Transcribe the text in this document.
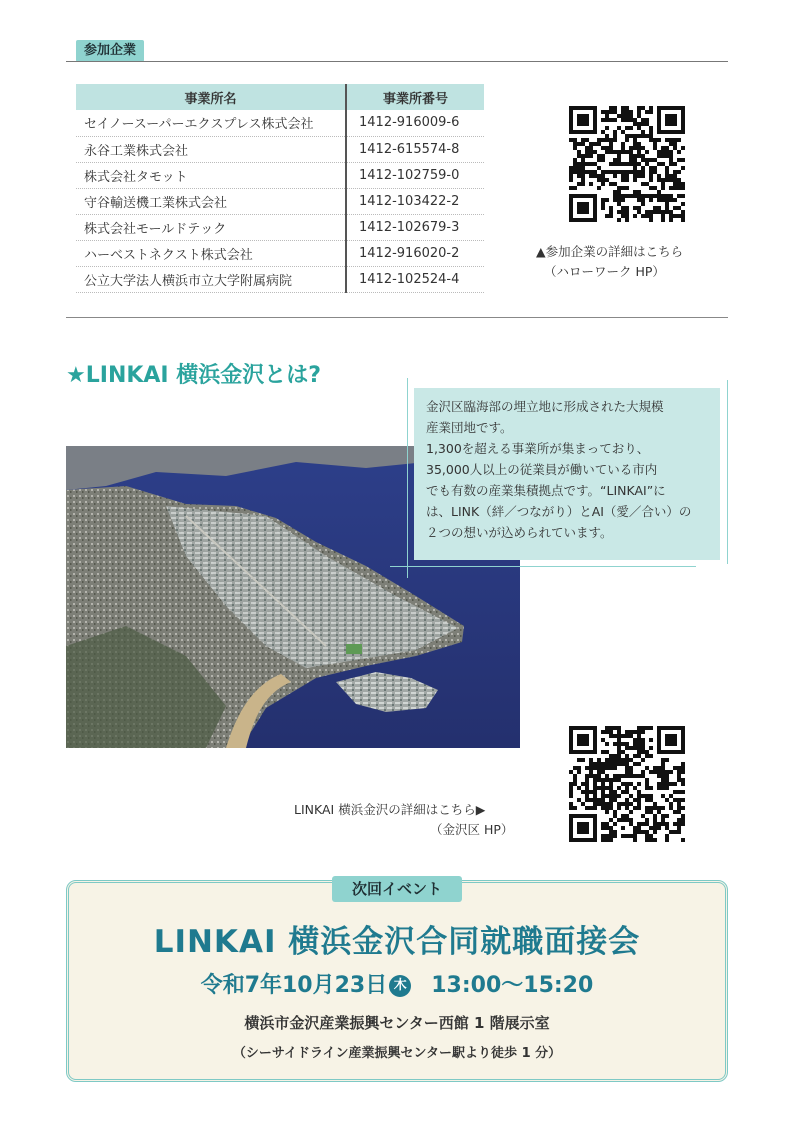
参加企業
事業所名	事業所番号
セイノースーパーエクスプレス株式会社	1412-916009-6
永谷工業株式会社	1412-615574-8
株式会社タモット	1412-102759-0
守谷輸送機工業株式会社	1412-103422-2
株式会社モールドテック	1412-102679-3
ハーベストネクスト株式会社	1412-916020-2
公立大学法人横浜市立大学附属病院	1412-102524-4
▲参加企業の詳細はこちら
（ハローワーク HP）
★LINKAI 横浜金沢とは?
金沢区臨海部の埋立地に形成された大規模
産業団地です。
1,300を超える事業所が集まっており、
35,000人以上の従業員が働いている市内
でも有数の産業集積拠点です。“LINKAI”に
は、LINK（絆／つながり）とAI（愛／合い）の
２つの想いが込められています。
LINKAI 横浜金沢の詳細はこちら▶
（金沢区 HP）
次回イベント
LINKAI 横浜金沢合同就職面接会
令和7年10月23日 木 13:00～15:20
横浜市金沢産業振興センター西館 1 階展示室
（シーサイドライン産業振興センター駅より徒歩 1 分）
